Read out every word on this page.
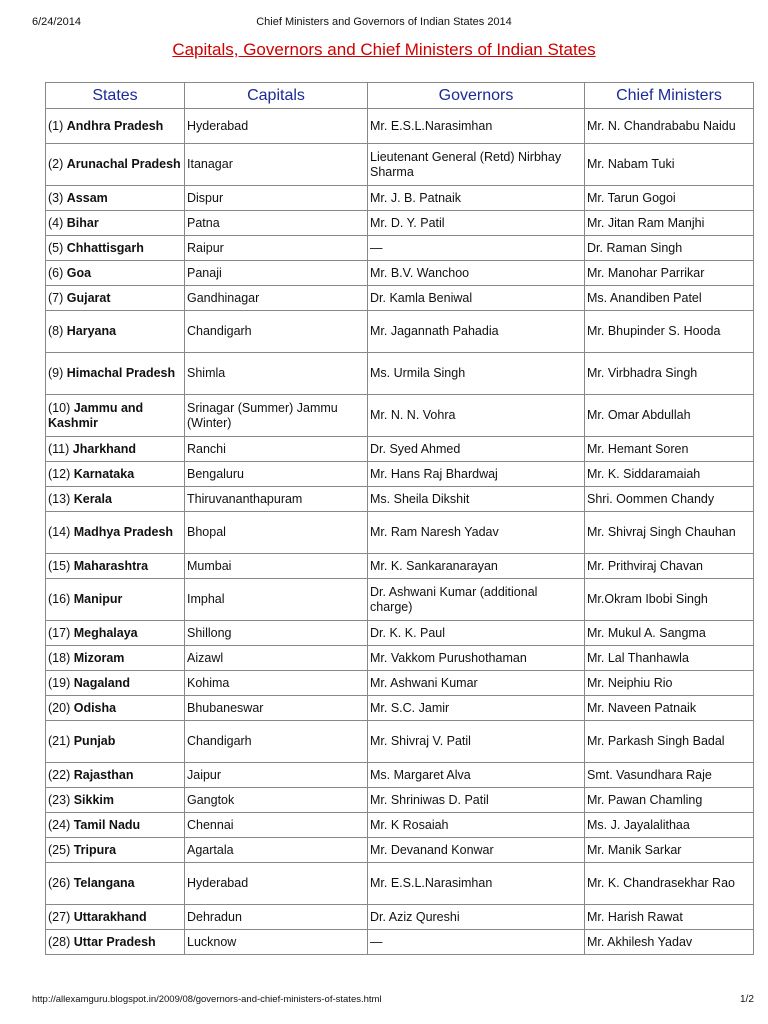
6/24/2014	Chief Ministers and Governors of Indian States 2014
Capitals, Governors and Chief Ministers of Indian States
States	Capitals	Governors	Chief Ministers
(1) Andhra Pradesh	Hyderabad	Mr. E.S.L.Narasimhan	Mr. N. Chandrababu Naidu
(2) Arunachal Pradesh	Itanagar	Lieutenant General (Retd) Nirbhay Sharma	Mr. Nabam Tuki
(3) Assam	Dispur	Mr. J. B. Patnaik	Mr. Tarun Gogoi
(4) Bihar	Patna	Mr. D. Y. Patil	Mr. Jitan Ram Manjhi
(5) Chhattisgarh	Raipur	—	Dr. Raman Singh
(6) Goa	Panaji	Mr. B.V. Wanchoo	Mr. Manohar Parrikar
(7) Gujarat	Gandhinagar	Dr. Kamla Beniwal	Ms. Anandiben Patel
(8) Haryana	Chandigarh	Mr. Jagannath Pahadia	Mr. Bhupinder S. Hooda
(9) Himachal Pradesh	Shimla	Ms. Urmila Singh	Mr. Virbhadra Singh
(10) Jammu and Kashmir	Srinagar (Summer) Jammu (Winter)	Mr. N. N. Vohra	Mr. Omar Abdullah
(11) Jharkhand	Ranchi	Dr. Syed Ahmed	Mr. Hemant Soren
(12) Karnataka	Bengaluru	Mr. Hans Raj Bhardwaj	Mr. K. Siddaramaiah
(13) Kerala	Thiruvananthapuram	Ms. Sheila Dikshit	Shri. Oommen Chandy
(14) Madhya Pradesh	Bhopal	Mr. Ram Naresh Yadav	Mr. Shivraj Singh Chauhan
(15) Maharashtra	Mumbai	Mr. K. Sankaranarayan	Mr. Prithviraj Chavan
(16) Manipur	Imphal	Dr. Ashwani Kumar (additional charge)	Mr.Okram Ibobi Singh
(17) Meghalaya	Shillong	Dr. K. K. Paul	Mr. Mukul A. Sangma
(18) Mizoram	Aizawl	Mr. Vakkom Purushothaman	Mr. Lal Thanhawla
(19) Nagaland	Kohima	Mr. Ashwani Kumar	Mr. Neiphiu Rio
(20) Odisha	Bhubaneswar	Mr. S.C. Jamir	Mr. Naveen Patnaik
(21) Punjab	Chandigarh	Mr. Shivraj V. Patil	Mr. Parkash Singh Badal
(22) Rajasthan	Jaipur	Ms. Margaret Alva	Smt. Vasundhara Raje
(23) Sikkim	Gangtok	Mr. Shriniwas D. Patil	Mr. Pawan Chamling
(24) Tamil Nadu	Chennai	Mr. K Rosaiah	Ms. J. Jayalalithaa
(25) Tripura	Agartala	Mr. Devanand Konwar	Mr. Manik Sarkar
(26) Telangana	Hyderabad	Mr. E.S.L.Narasimhan	Mr. K. Chandrasekhar Rao
(27) Uttarakhand	Dehradun	Dr. Aziz Qureshi	Mr. Harish Rawat
(28) Uttar Pradesh	Lucknow	—	Mr. Akhilesh Yadav
http://allexamguru.blogspot.in/2009/08/governors-and-chief-ministers-of-states.html	1/2
